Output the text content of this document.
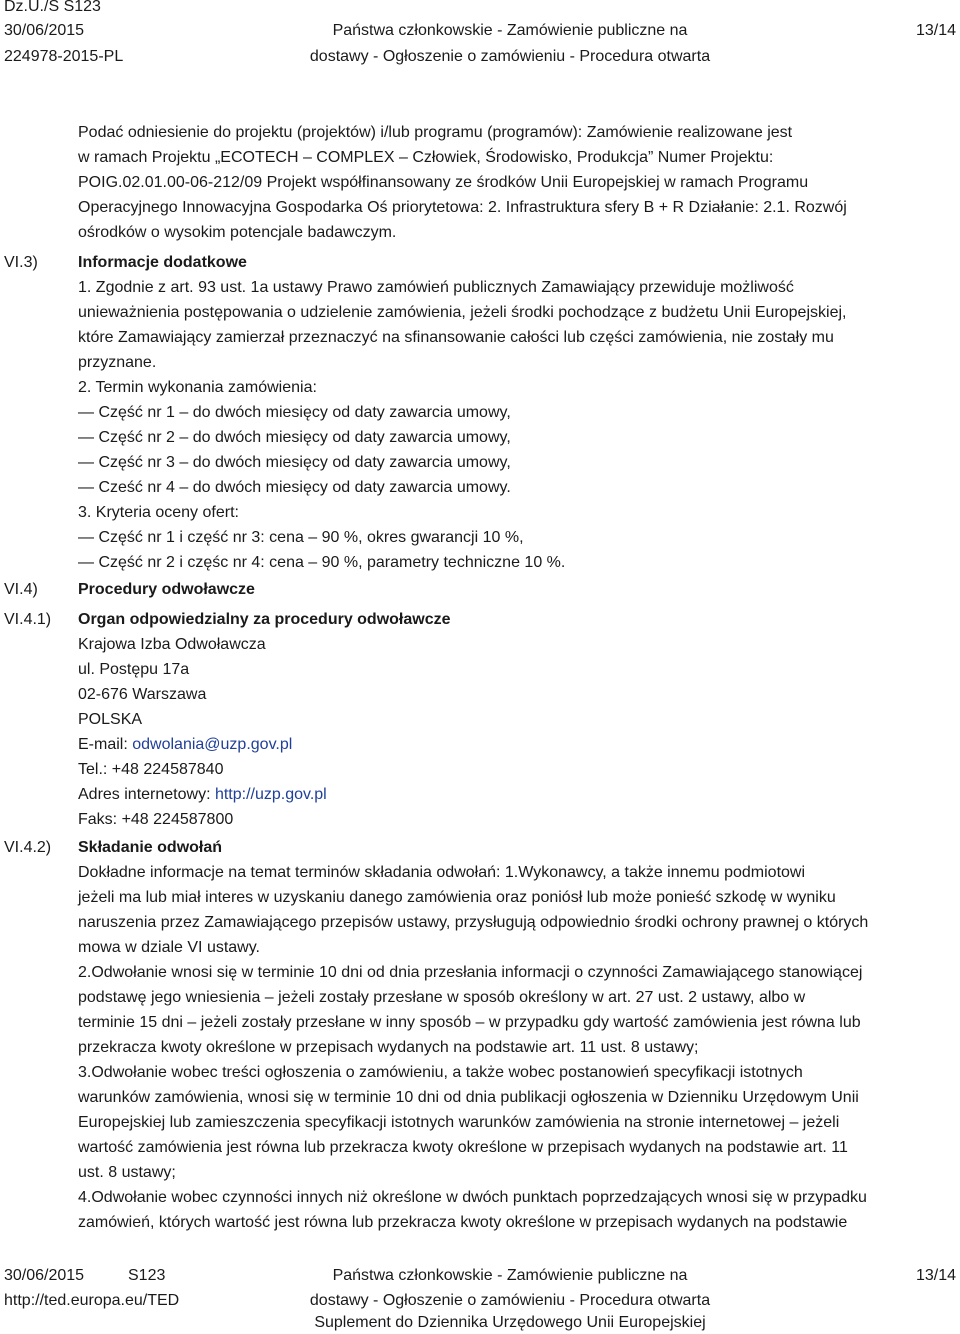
Dz.U./S S123
30/06/2015
224978-2015-PL
Państwa członkowskie - Zamówienie publiczne na
dostawy - Ogłoszenie o zamówieniu - Procedura otwarta
13/14

Podać odniesienie do projektu (projektów) i/lub programu (programów): Zamówienie realizowane jest

w ramach Projektu „ECOTECH – COMPLEX – Człowiek, Środowisko, Produkcja” Numer Projektu:

POIG.02.01.00-06-212/09 Projekt współfinansowany ze środków Unii Europejskiej w ramach Programu

Operacyjnego Innowacyjna Gospodarka Oś priorytetowa: 2. Infrastruktura sfery B + R Działanie: 2.1. Rozwój

ośrodków o wysokim potencjale badawczym.

VI.3)	Informacje dodatkowe

1. Zgodnie z art. 93 ust. 1a ustawy Prawo zamówień publicznych Zamawiający przewiduje możliwość

unieważnienia postępowania o udzielenie zamówienia, jeżeli środki pochodzące z budżetu Unii Europejskiej,

które Zamawiający zamierzał przeznaczyć na sfinansowanie całości lub części zamówienia, nie zostały mu

przyznane.

2. Termin wykonania zamówienia:

— Część nr 1 – do dwóch miesięcy od daty zawarcia umowy,

— Część nr 2 – do dwóch miesięcy od daty zawarcia umowy,

— Część nr 3 – do dwóch miesięcy od daty zawarcia umowy,

— Cześć nr 4 – do dwóch miesięcy od daty zawarcia umowy.

3. Kryteria oceny ofert:

— Część nr 1 i część nr 3: cena – 90 %, okres gwarancji 10 %,

— Część nr 2 i częśc nr 4: cena – 90 %, parametry techniczne 10 %.

VI.4)	Procedury odwoławcze

VI.4.1)	Organ odpowiedzialny za procedury odwoławcze

Krajowa Izba Odwoławcza

ul. Postępu 17a

02-676 Warszawa

POLSKA

E-mail: odwolania@uzp.gov.pl

Tel.: +48 224587840

Adres internetowy: http://uzp.gov.pl

Faks: +48 224587800

VI.4.2)	Składanie odwołań

Dokładne informacje na temat terminów składania odwołań: 1.Wykonawcy, a także innemu podmiotowi

jeżeli ma lub miał interes w uzyskaniu danego zamówienia oraz poniósł lub może ponieść szkodę w wyniku

naruszenia przez Zamawiającego przepisów ustawy, przysługują odpowiednio środki ochrony prawnej o których

mowa w dziale VI ustawy.

2.Odwołanie wnosi się w terminie 10 dni od dnia przesłania informacji o czynności Zamawiającego stanowiącej

podstawę jego wniesienia – jeżeli zostały przesłane w sposób określony w art. 27 ust. 2 ustawy, albo w

terminie 15 dni – jeżeli zostały przesłane w inny sposób – w przypadku gdy wartość zamówienia jest równa lub

przekracza kwoty określone w przepisach wydanych na podstawie art. 11 ust. 8 ustawy;

3.Odwołanie wobec treści ogłoszenia o zamówieniu, a także wobec postanowień specyfikacji istotnych

warunków zamówienia, wnosi się w terminie 10 dni od dnia publikacji ogłoszenia w Dzienniku Urzędowym Unii

Europejskiej lub zamieszczenia specyfikacji istotnych warunków zamówienia na stronie internetowej – jeżeli

wartość zamówienia jest równa lub przekracza kwoty określone w przepisach wydanych na podstawie art. 11

ust. 8 ustawy;

4.Odwołanie wobec czynności innych niż określone w dwóch punktach poprzedzających wnosi się w przypadku

zamówień, których wartość jest równa lub przekracza kwoty określone w przepisach wydanych na podstawie

30/06/2015	S123
http://ted.europa.eu/TED
Państwa członkowskie - Zamówienie publiczne na
dostawy - Ogłoszenie o zamówieniu - Procedura otwarta
Suplement do Dziennika Urzędowego Unii Europejskiej
13/14
